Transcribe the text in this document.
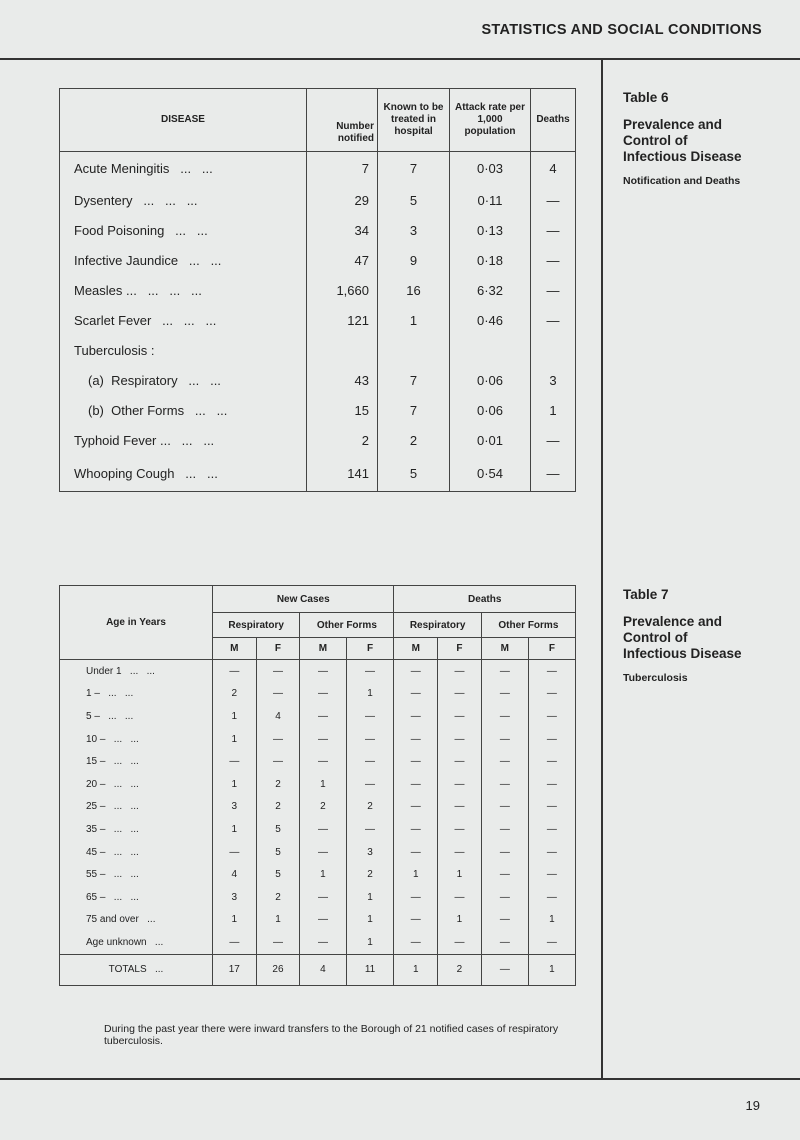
STATISTICS AND SOCIAL CONDITIONS
Table 6
Prevalence and
Control of
Infectious Disease
Notification and Deaths
DISEASE	Number notified	Known to be treated in hospital	Attack rate per 1,000 population	Deaths
Acute Meningitis   ...   ...	7	7	0·03	4
Dysentery   ...   ...   ...	29	5	0·11	—
Food Poisoning   ...   ...	34	3	0·13	—
Infective Jaundice   ...   ...	47	9	0·18	—
Measles ...   ...   ...   ...	1,660	16	6·32	—
Scarlet Fever   ...   ...   ...	121	1	0·46	—
Tuberculosis :				
(a)  Respiratory   ...   ...	43	7	0·06	3
(b)  Other Forms   ...   ...	15	7	0·06	1
Typhoid Fever ...   ...   ...	2	2	0·01	—
Whooping Cough   ...   ...	141	5	0·54	—
Table 7
Prevalence and
Control of
Infectious Disease
Tuberculosis
Age in Years	New Cases				Deaths			
	Respiratory		Other Forms		Respiratory		Other Forms	
	M	F	M	F	M	F	M	F
Under 1   ...   ...	—	—	—	—	—	—	—	—
1 –   ...   ...	2	—	—	1	—	—	—	—
5 –   ...   ...	1	4	—	—	—	—	—	—
10 –   ...   ...	1	—	—	—	—	—	—	—
15 –   ...   ...	—	—	—	—	—	—	—	—
20 –   ...   ...	1	2	1	—	—	—	—	—
25 –   ...   ...	3	2	2	2	—	—	—	—
35 –   ...   ...	1	5	—	—	—	—	—	—
45 –   ...   ...	—	5	—	3	—	—	—	—
55 –   ...   ...	4	5	1	2	1	1	—	—
65 –   ...   ...	3	2	—	1	—	—	—	—
75 and over   ...	1	1	—	1	—	1	—	1
Age unknown   ...	—	—	—	1	—	—	—	—
TOTALS   ...	17	26	4	11	1	2	—	1
During the past year there were inward transfers to the Borough of 21 notified cases of respiratory tuberculosis.
19
